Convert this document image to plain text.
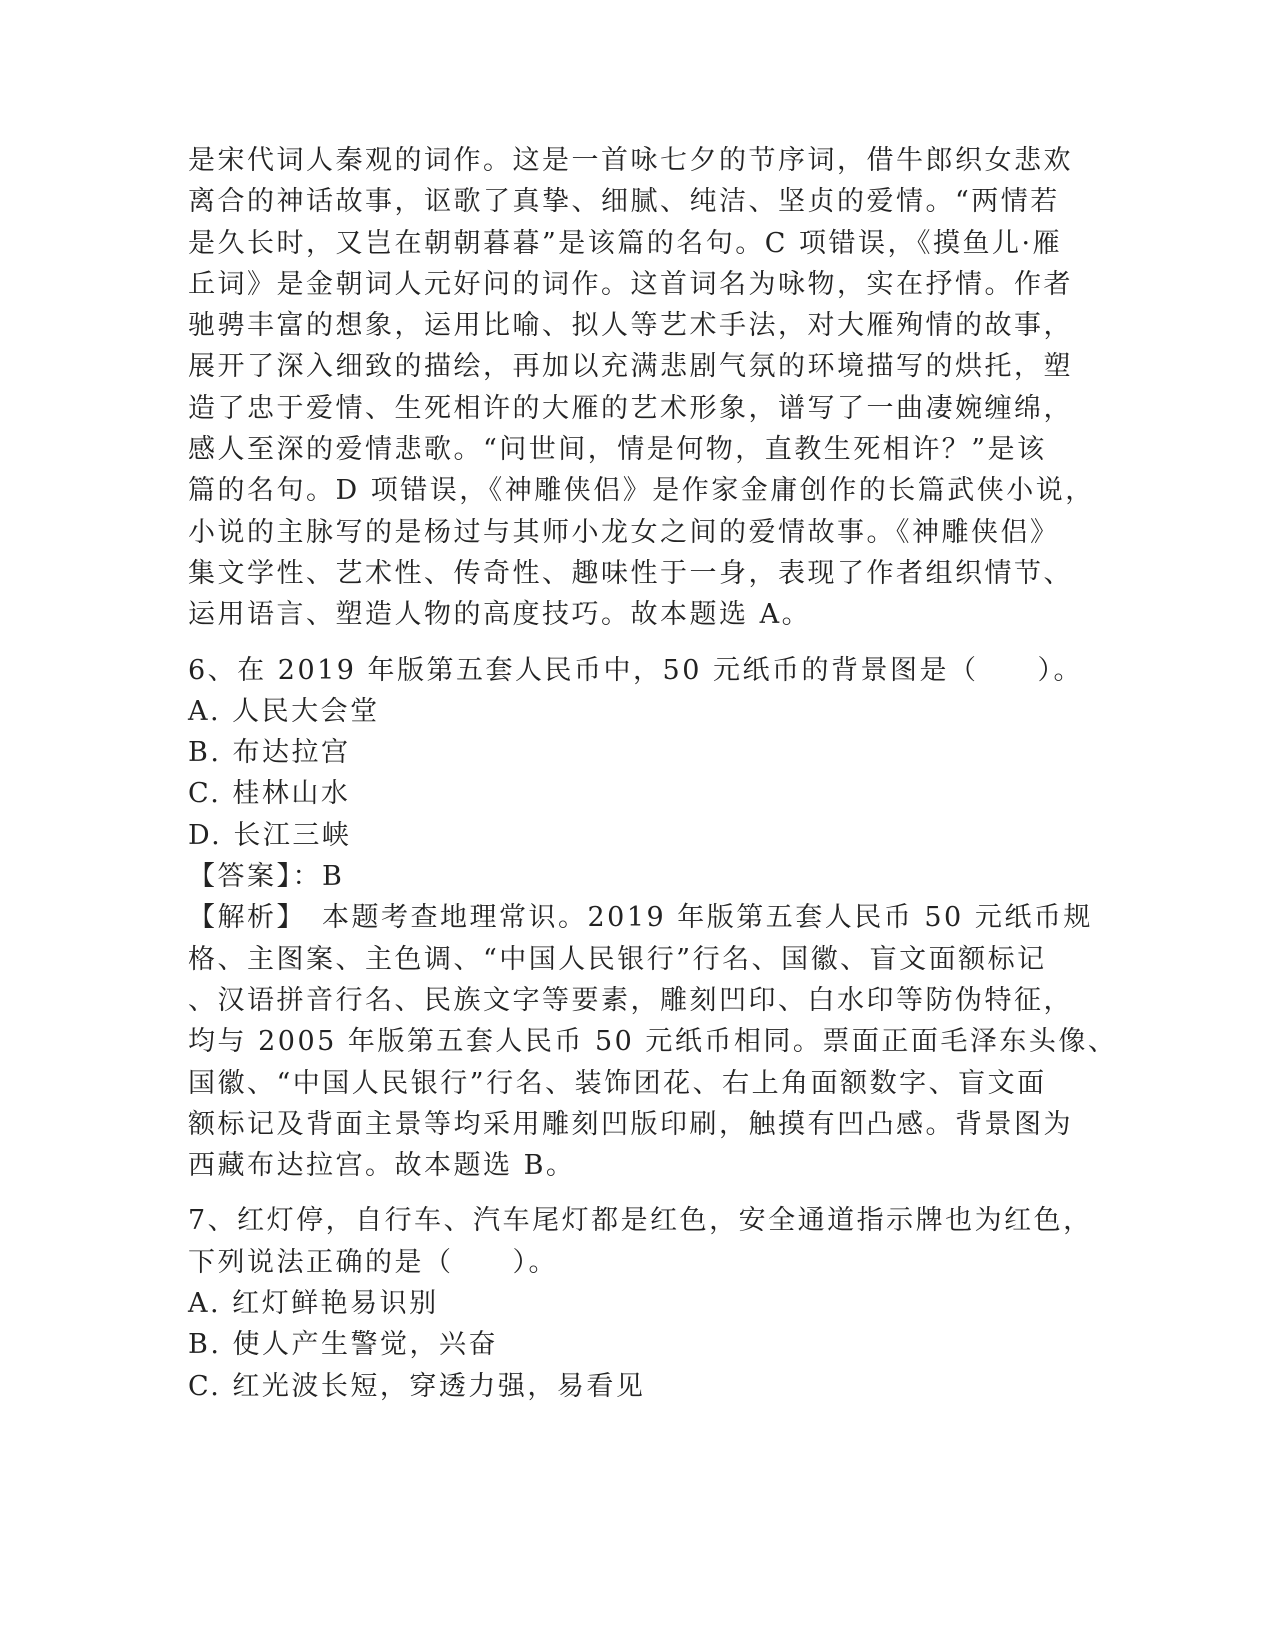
是宋代词人秦观的词作。这是一首咏七夕的节序词，借牛郎织女悲欢
离合的神话故事，讴歌了真挚、细腻、纯洁、坚贞的爱情。“两情若
是久长时，又岂在朝朝暮暮”是该篇的名句。C 项错误，《摸鱼儿·雁
丘词》是金朝词人元好问的词作。这首词名为咏物，实在抒情。作者
驰骋丰富的想象，运用比喻、拟人等艺术手法，对大雁殉情的故事，
展开了深入细致的描绘，再加以充满悲剧气氛的环境描写的烘托，塑
造了忠于爱情、生死相许的大雁的艺术形象，谱写了一曲凄婉缠绵，
感人至深的爱情悲歌。“问世间，情是何物，直教生死相许？”是该
篇的名句。D 项错误，《神雕侠侣》是作家金庸创作的长篇武侠小说，
小说的主脉写的是杨过与其师小龙女之间的爱情故事。《神雕侠侣》
集文学性、艺术性、传奇性、趣味性于一身，表现了作者组织情节、
运用语言、塑造人物的高度技巧。故本题选 A。
6、在 2019 年版第五套人民币中，50 元纸币的背景图是（　　）。
A. 人民大会堂
B. 布达拉宫
C. 桂林山水
D. 长江三峡
【答案】：B
【解析】　本题考查地理常识。2019 年版第五套人民币 50 元纸币规
格、主图案、主色调、“中国人民银行”行名、国徽、盲文面额标记
、汉语拼音行名、民族文字等要素，雕刻凹印、白水印等防伪特征，
均与 2005 年版第五套人民币 50 元纸币相同。票面正面毛泽东头像、
国徽、“中国人民银行”行名、装饰团花、右上角面额数字、盲文面
额标记及背面主景等均采用雕刻凹版印刷，触摸有凹凸感。背景图为
西藏布达拉宫。故本题选 B。
7、红灯停，自行车、汽车尾灯都是红色，安全通道指示牌也为红色，
下列说法正确的是（　　）。
A. 红灯鲜艳易识别
B. 使人产生警觉，兴奋
C. 红光波长短，穿透力强，易看见
